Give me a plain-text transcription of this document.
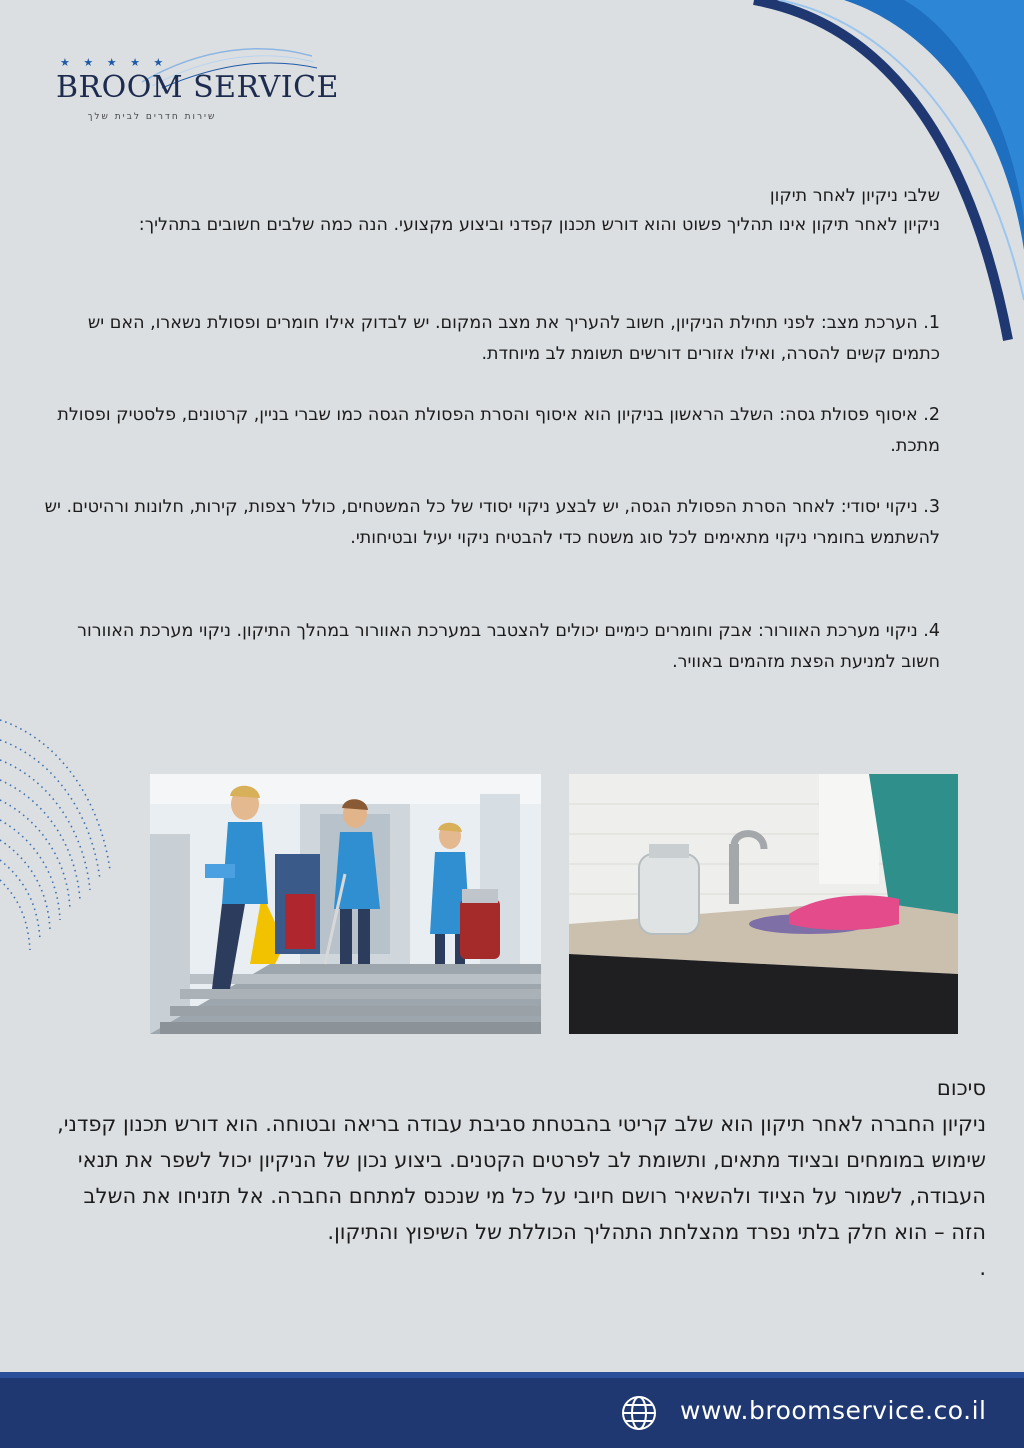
★ ★ ★ ★ ★
BROOM SERVICE
שירות חדרים לבית שלך

שלבי ניקיון לאחר תיקון

ניקיון לאחר תיקון אינו תהליך פשוט והוא דורש תכנון קפדני וביצוע מקצועי. הנה כמה שלבים חשובים בתהליך:

1. הערכת מצב: לפני תחילת הניקיון, חשוב להעריך את מצב המקום. יש לבדוק אילו חומרים ופסולת נשארו, האם יש כתמים קשים להסרה, ואילו אזורים דורשים תשומת לב מיוחדת.

2. איסוף פסולת גסה: השלב הראשון בניקיון הוא איסוף והסרת הפסולת הגסה כמו שברי בניין, קרטונים, פלסטיק ופסולת מתכת.

3. ניקוי יסודי: לאחר הסרת הפסולת הגסה, יש לבצע ניקוי יסודי של כל המשטחים, כולל רצפות, קירות, חלונות ורהיטים. יש להשתמש בחומרי ניקוי מתאימים לכל סוג משטח כדי להבטיח ניקוי יעיל ובטיחותי.

4. ניקוי מערכת האוורור: אבק וחומרים כימיים יכולים להצטבר במערכת האוורור במהלך התיקון. ניקוי מערכת האוורור חשוב למניעת הפצת מזהמים באוויר.

סיכום

ניקיון החברה לאחר תיקון הוא שלב קריטי בהבטחת סביבת עבודה בריאה ובטוחה. הוא דורש תכנון קפדני, שימוש במומחים ובציוד מתאים, ותשומת לב לפרטים הקטנים. ביצוע נכון של הניקיון יכול לשפר את תנאי העבודה, לשמור על הציוד ולהשאיר רושם חיובי על כל מי שנכנס למתחם החברה. אל תזניחו את השלב הזה – הוא חלק בלתי נפרד מהצלחת התהליך הכוללת של השיפוץ והתיקון.

.

www.broomservice.co.il
